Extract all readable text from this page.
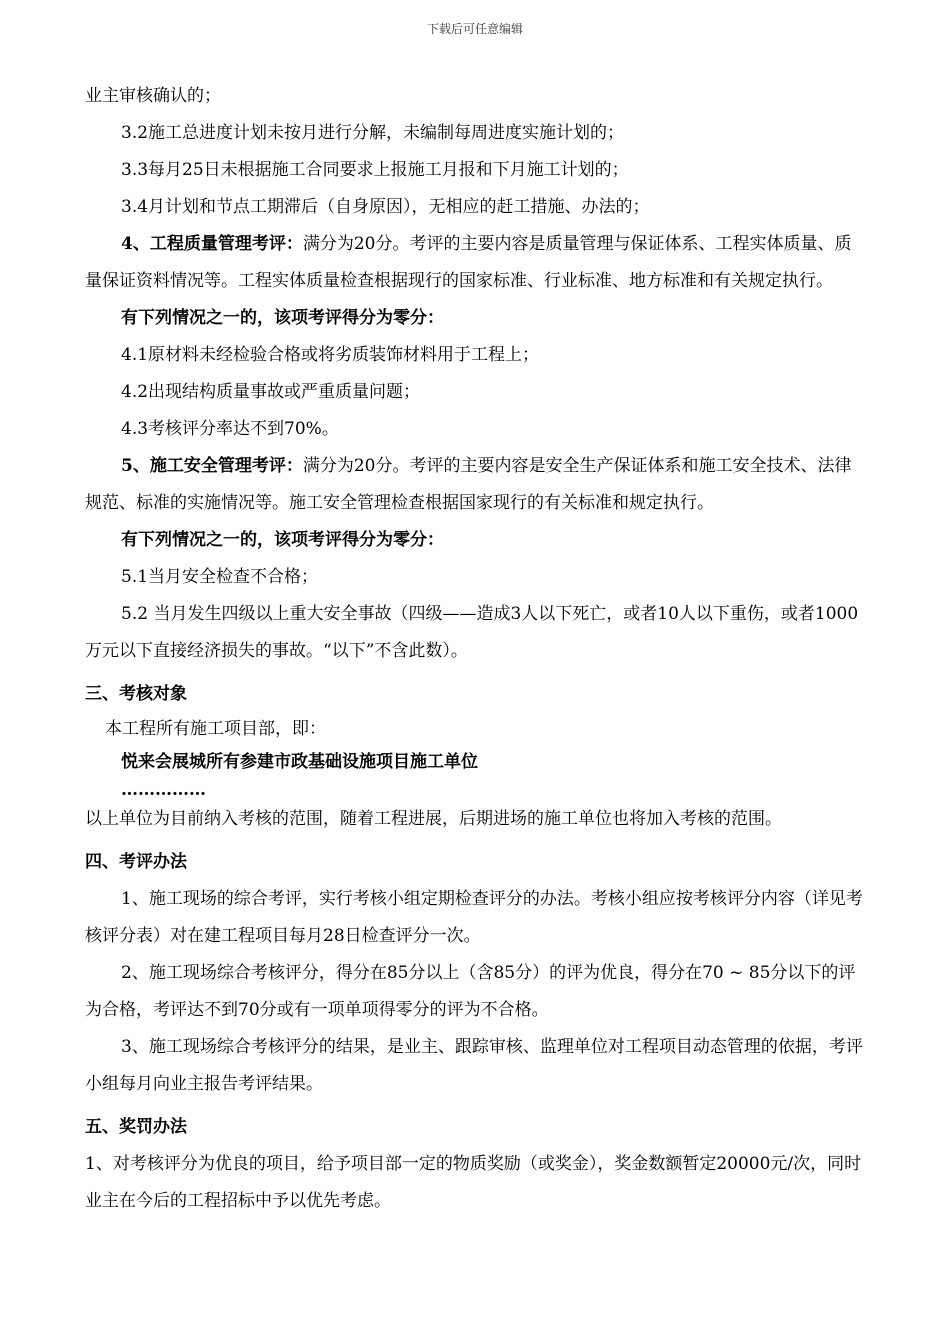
下载后可任意编辑

业主审核确认的；

3.2施工总进度计划未按月进行分解，未编制每周进度实施计划的；

3.3每月25日未根据施工合同要求上报施工月报和下月施工计划的；

3.4月计划和节点工期滞后（自身原因），无相应的赶工措施、办法的；

4、工程质量管理考评：满分为20分。考评的主要内容是质量管理与保证体系、工程实体质量、质量保证资料情况等。工程实体质量检查根据现行的国家标准、行业标准、地方标准和有关规定执行。

有下列情况之一的，该项考评得分为零分：

4.1原材料未经检验合格或将劣质装饰材料用于工程上；

4.2出现结构质量事故或严重质量问题；

4.3考核评分率达不到70%。

5、施工安全管理考评：满分为20分。考评的主要内容是安全生产保证体系和施工安全技术、法律规范、标准的实施情况等。施工安全管理检查根据国家现行的有关标准和规定执行。

有下列情况之一的，该项考评得分为零分：

5.1当月安全检查不合格；

5.2 当月发生四级以上重大安全事故（四级——造成3人以下死亡，或者10人以下重伤，或者1000万元以下直接经济损失的事故。“以下”不含此数）。

三、考核对象

本工程所有施工项目部，即：

悦来会展城所有参建市政基础设施项目施工单位

……………

以上单位为目前纳入考核的范围，随着工程进展，后期进场的施工单位也将加入考核的范围。

四、考评办法

1、施工现场的综合考评，实行考核小组定期检查评分的办法。考核小组应按考核评分内容（详见考核评分表）对在建工程项目每月28日检查评分一次。

2、施工现场综合考核评分，得分在85分以上（含85分）的评为优良，得分在70 ~ 85分以下的评为合格，考评达不到70分或有一项单项得零分的评为不合格。

3、施工现场综合考核评分的结果，是业主、跟踪审核、监理单位对工程项目动态管理的依据，考评小组每月向业主报告考评结果。

五、奖罚办法

1、对考核评分为优良的项目，给予项目部一定的物质奖励（或奖金），奖金数额暂定20000元/次，同时业主在今后的工程招标中予以优先考虑。
